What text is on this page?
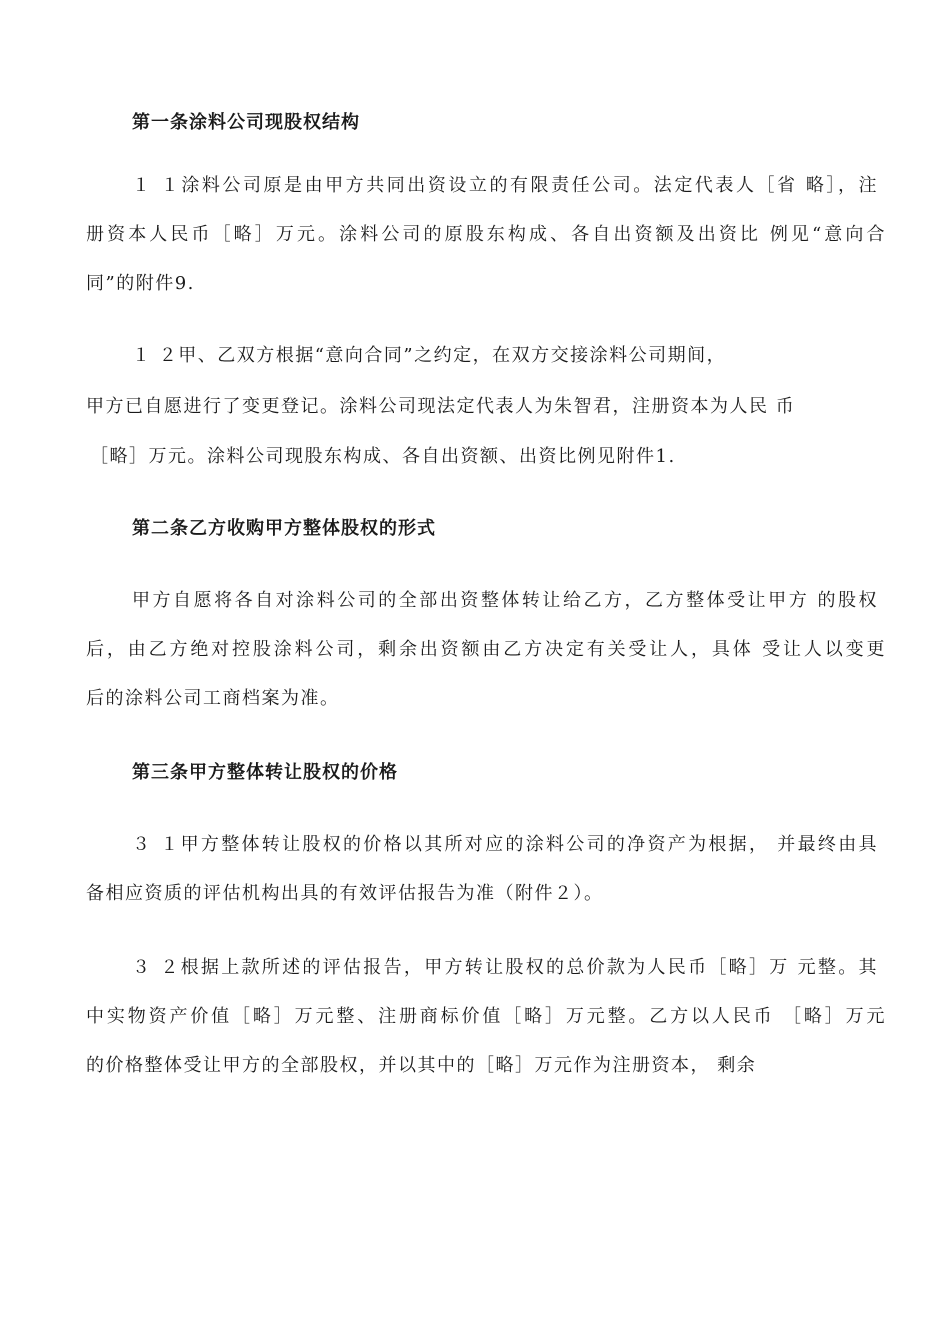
第一条涂料公司现股权结构
１ １涂料公司原是由甲方共同出资设立的有限责任公司。法定代表人［省 略］，注
册资本人民币［略］万元。涂料公司的原股东构成、各自出资额及出资比 例见“意向合
同”的附件9.
１ ２甲、乙双方根据“意向合同”之约定，在双方交接涂料公司期间，
甲方已自愿进行了变更登记。涂料公司现法定代表人为朱智君，注册资本为人民 币
［略］万元。涂料公司现股东构成、各自出资额、出资比例见附件1.
第二条乙方收购甲方整体股权的形式
甲方自愿将各自对涂料公司的全部出资整体转让给乙方，乙方整体受让甲方 的股权
后，由乙方绝对控股涂料公司，剩余出资额由乙方决定有关受让人，具体 受让人以变更
后的涂料公司工商档案为准。
第三条甲方整体转让股权的价格
３ １甲方整体转让股权的价格以其所对应的涂料公司的净资产为根据， 并最终由具
备相应资质的评估机构出具的有效评估报告为准（附件２）。
３ ２根据上款所述的评估报告，甲方转让股权的总价款为人民币［略］万 元整。其
中实物资产价值［略］万元整、注册商标价值［略］万元整。乙方以人民币 ［略］万元
的价格整体受让甲方的全部股权，并以其中的［略］万元作为注册资本， 剩余
